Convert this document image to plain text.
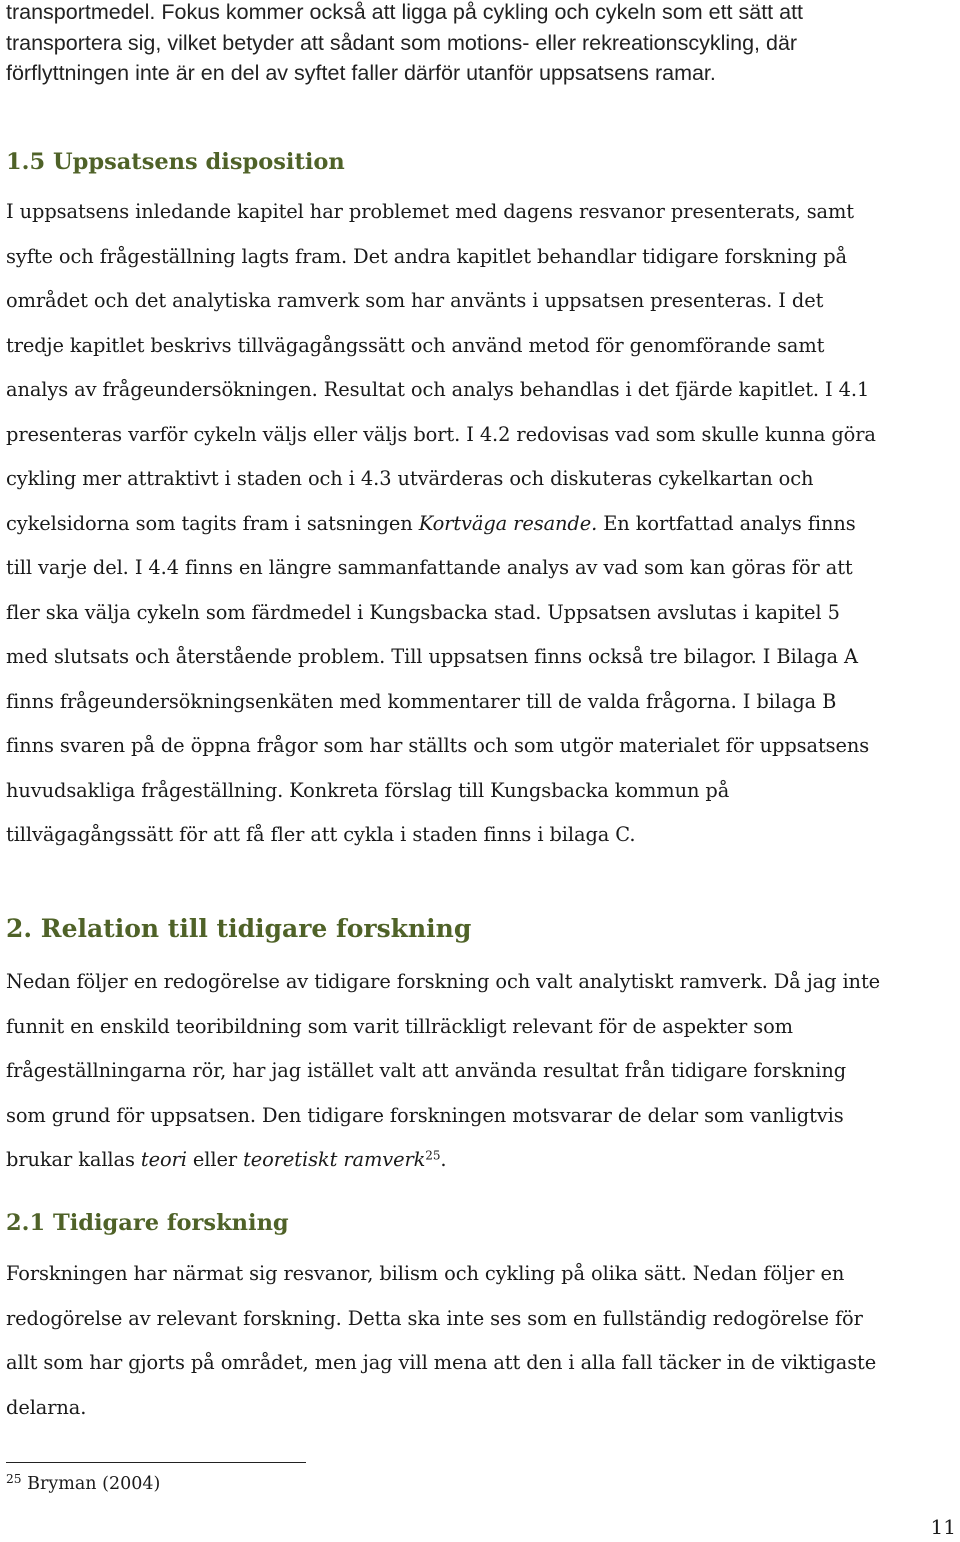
transportmedel. Fokus kommer också att ligga på cykling och cykeln som ett sätt att
transportera sig, vilket betyder att sådant som motions- eller rekreationscykling, där
förflyttningen inte är en del av syftet faller därför utanför uppsatsens ramar.
1.5 Uppsatsens disposition
I uppsatsens inledande kapitel har problemet med dagens resvanor presenterats, samt
syfte och frågeställning lagts fram. Det andra kapitlet behandlar tidigare forskning på
området och det analytiska ramverk som har använts i uppsatsen presenteras. I det
tredje kapitlet beskrivs tillvägagångssätt och använd metod för genomförande samt
analys av frågeundersökningen. Resultat och analys behandlas i det fjärde kapitlet. I 4.1
presenteras varför cykeln väljs eller väljs bort. I 4.2 redovisas vad som skulle kunna göra
cykling mer attraktivt i staden och i 4.3 utvärderas och diskuteras cykelkartan och
cykelsidorna som tagits fram i satsningen Kortväga resande. En kortfattad analys finns
till varje del. I 4.4 finns en längre sammanfattande analys av vad som kan göras för att
fler ska välja cykeln som färdmedel i Kungsbacka stad. Uppsatsen avslutas i kapitel 5
med slutsats och återstående problem. Till uppsatsen finns också tre bilagor. I Bilaga A
finns frågeundersökningsenkäten med kommentarer till de valda frågorna. I bilaga B
finns svaren på de öppna frågor som har ställts och som utgör materialet för uppsatsens
huvudsakliga frågeställning. Konkreta förslag till Kungsbacka kommun på
tillvägagångssätt för att få fler att cykla i staden finns i bilaga C.
2. Relation till tidigare forskning
Nedan följer en redogörelse av tidigare forskning och valt analytiskt ramverk. Då jag inte
funnit en enskild teoribildning som varit tillräckligt relevant för de aspekter som
frågeställningarna rör, har jag istället valt att använda resultat från tidigare forskning
som grund för uppsatsen. Den tidigare forskningen motsvarar de delar som vanligtvis
brukar kallas teori eller teoretiskt ramverk$^{25}$.
2.1 Tidigare forskning
Forskningen har närmat sig resvanor, bilism och cykling på olika sätt. Nedan följer en
redogörelse av relevant forskning. Detta ska inte ses som en fullständig redogörelse för
allt som har gjorts på området, men jag vill mena att den i alla fall täcker in de viktigaste
delarna.
$^{25}$ Bryman (2004)
11
